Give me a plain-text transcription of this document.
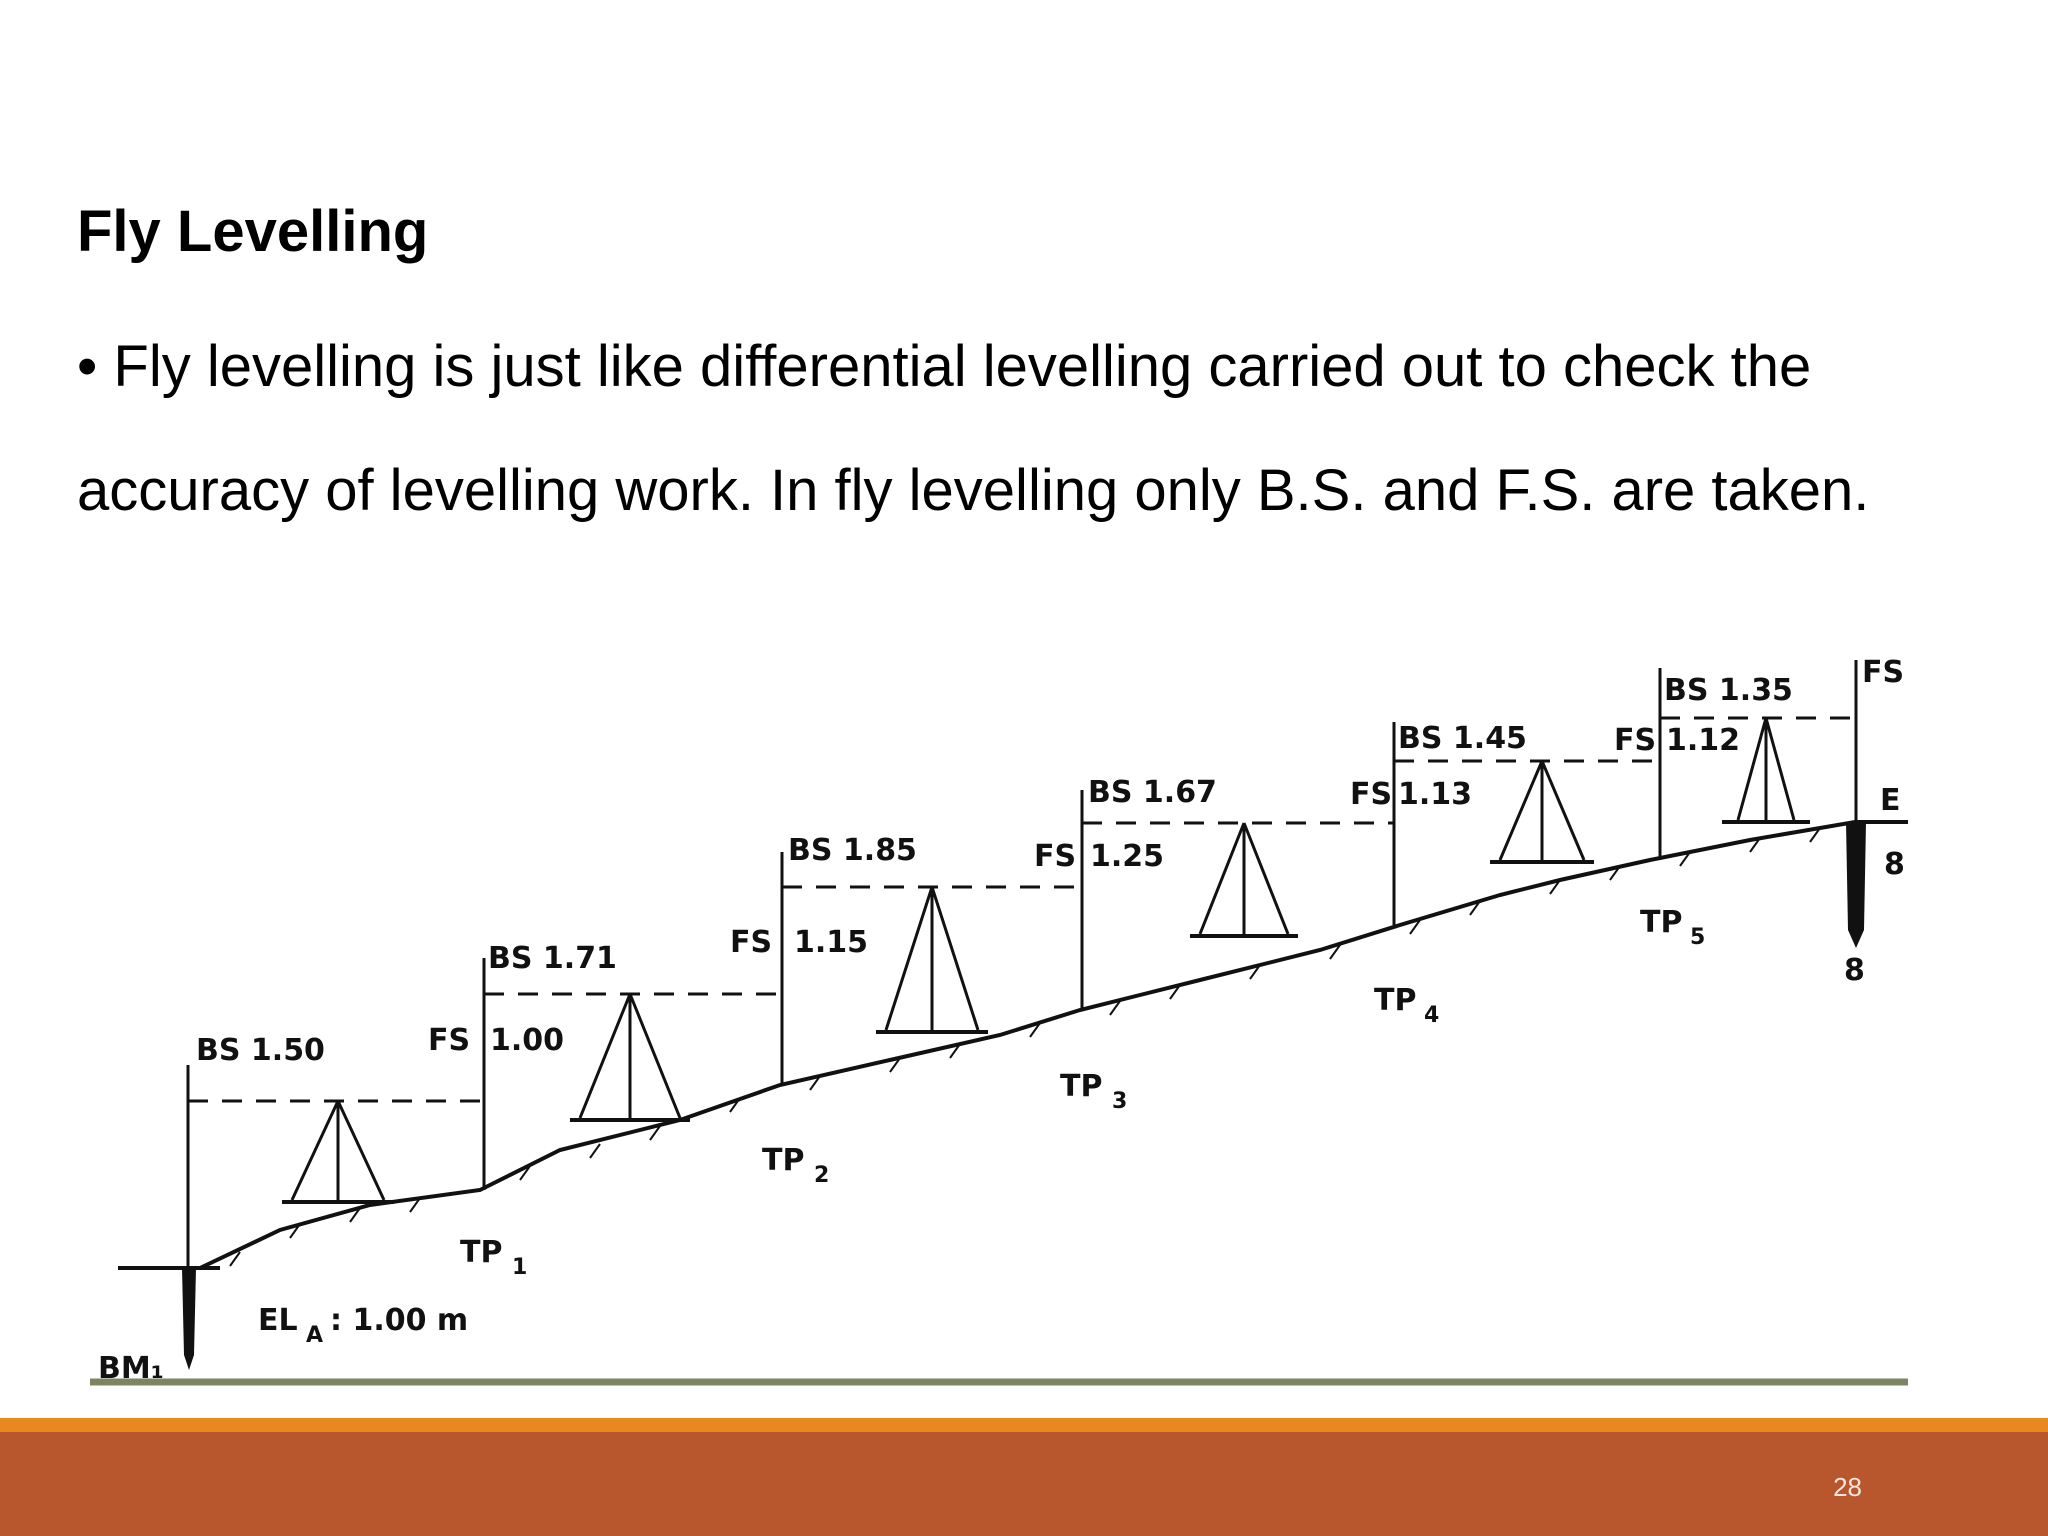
Fly Levelling
• Fly levelling is just like differential levelling carried out to check the accuracy of levelling work. In fly levelling only B.S. and F.S. are taken.
BM₁
EL A : 1.00 m
BS 1.50	FS 1.00
TP 1
BS 1.71	FS 1.15
TP 2
BS 1.85	FS 1.25
TP 3
BS 1.67	FS 1.13
TP 4
BS 1.45	FS 1.12
TP 5
BS 1.35
FS
E
8
8
28
